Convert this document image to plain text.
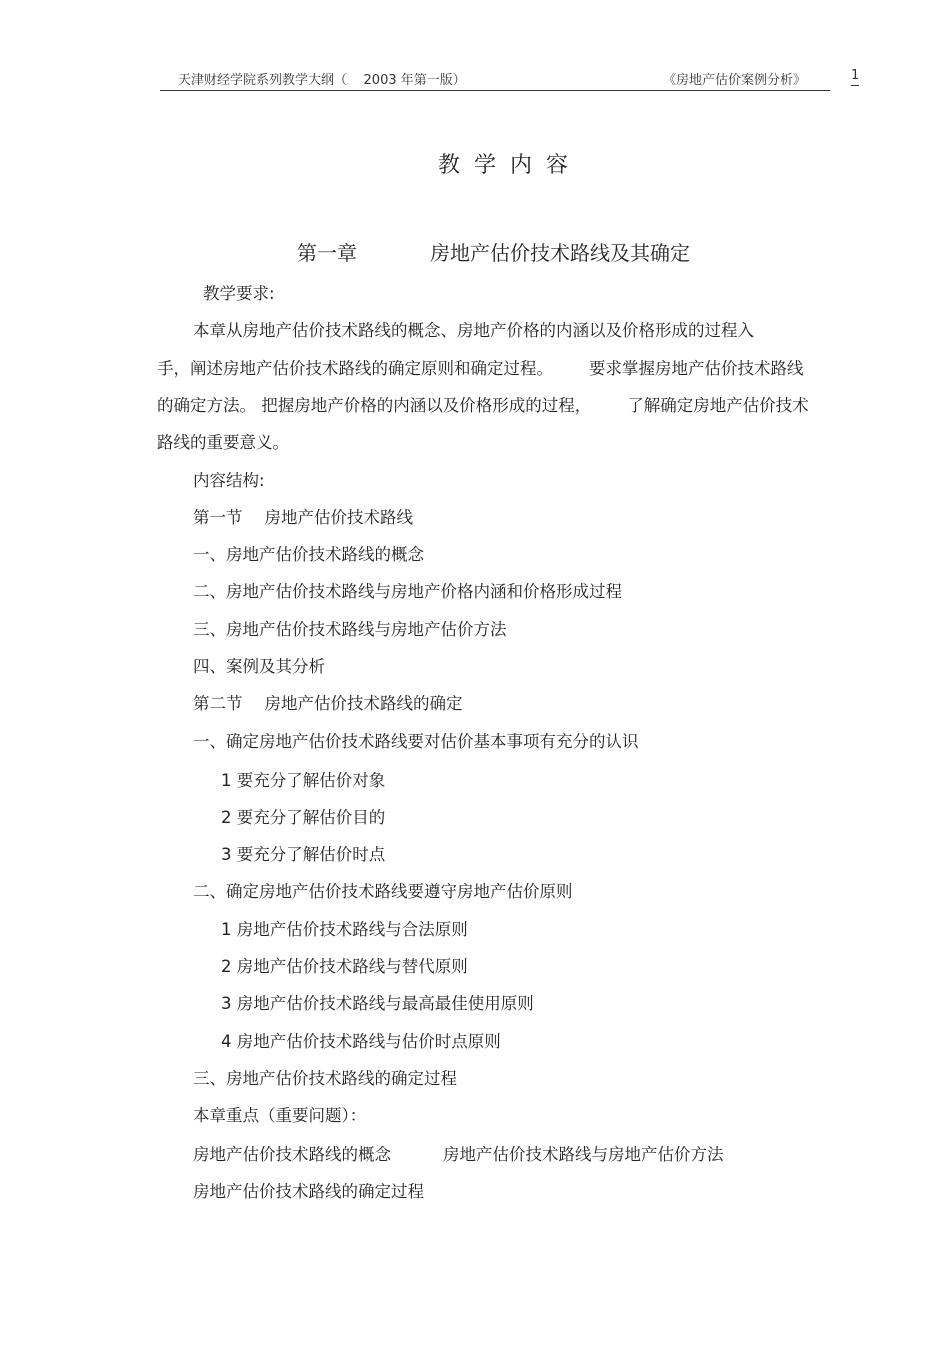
天津财经学院系列教学大纲（    2003 年第一版）	《房地产估价案例分析》	1
教学内容
第一章	房地产估价技术路线及其确定
教学要求:
本章从房地产估价技术路线的概念、房地产价格的内涵以及价格形成的过程入
手，阐述房地产估价技术路线的确定原则和确定过程。 要求掌握房地产估价技术路线
的确定方法。 把握房地产价格的内涵以及价格形成的过程， 了解确定房地产估价技术
路线的重要意义。
内容结构:
第一节 房地产估价技术路线
一、房地产估价技术路线的概念
二、房地产估价技术路线与房地产价格内涵和价格形成过程
三、房地产估价技术路线与房地产估价方法
四、案例及其分析
第二节 房地产估价技术路线的确定
一、确定房地产估价技术路线要对估价基本事项有充分的认识
1 要充分了解估价对象
2 要充分了解估价目的
3 要充分了解估价时点
二、确定房地产估价技术路线要遵守房地产估价原则
1 房地产估价技术路线与合法原则
2 房地产估价技术路线与替代原则
3 房地产估价技术路线与最高最佳使用原则
4 房地产估价技术路线与估价时点原则
三、房地产估价技术路线的确定过程
本章重点（重要问题）：
房地产估价技术路线的概念	房地产估价技术路线与房地产估价方法
房地产估价技术路线的确定过程
